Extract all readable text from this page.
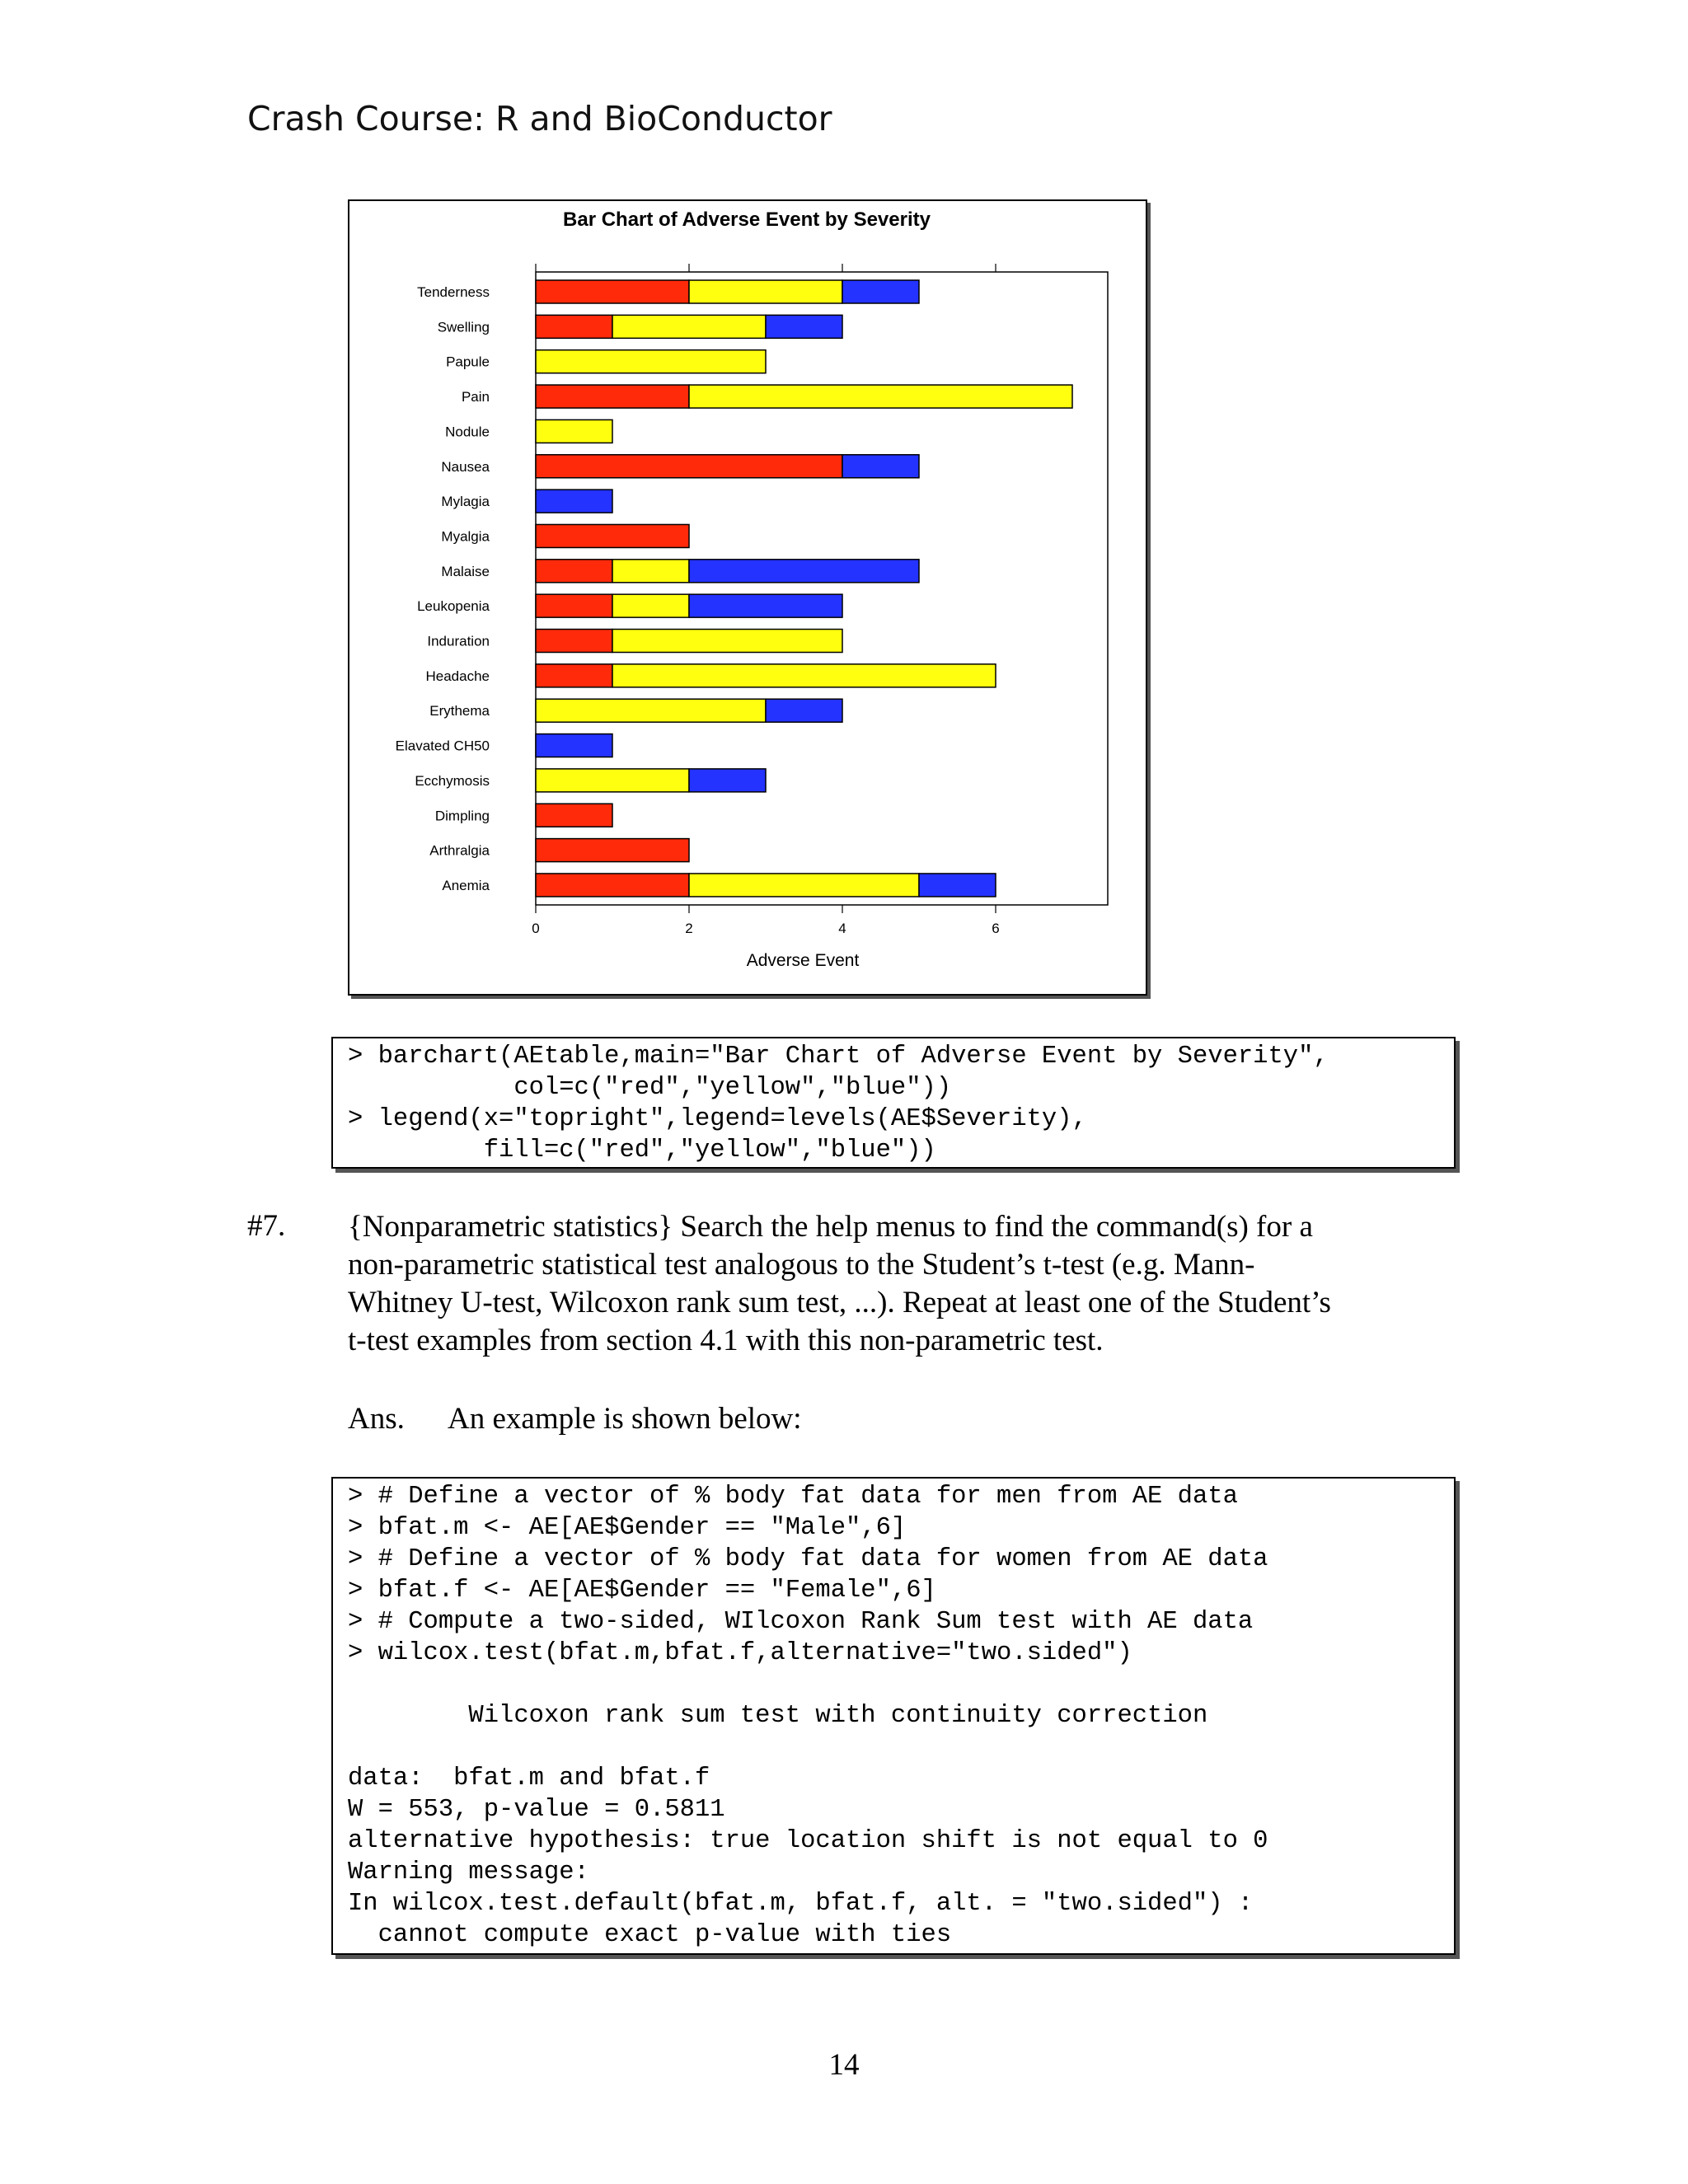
Crash Course: R and BioConductor
Bar Chart of Adverse Event by Severity
Tenderness
Swelling
Papule
Pain
Nodule
Nausea
Mylagia
Myalgia
Malaise
Leukopenia
Induration
Headache
Erythema
Elavated CH50
Ecchymosis
Dimpling
Arthralgia
Anemia
0	2	4	6
Adverse Event
> barchart(AEtable,main="Bar Chart of Adverse Event by Severity",
col=c("red","yellow","blue"))
> legend(x="topright",legend=levels(AE$Severity),
fill=c("red","yellow","blue"))
#7. {Nonparametric statistics} Search the help menus to find the command(s) for a
non-parametric statistical test analogous to the Student’s t-test (e.g. Mann-
Whitney U-test, Wilcoxon rank sum test, ...). Repeat at least one of the Student’s
t-test examples from section 4.1 with this non-parametric test.
Ans. An example is shown below:
> # Define a vector of % body fat data for men from AE data
> bfat.m <- AE[AE$Gender == "Male",6]
> # Define a vector of % body fat data for women from AE data
> bfat.f <- AE[AE$Gender == "Female",6]
> # Compute a two-sided, WIlcoxon Rank Sum test with AE data
> wilcox.test(bfat.m,bfat.f,alternative="two.sided")
Wilcoxon rank sum test with continuity correction
data:  bfat.m and bfat.f
W = 553, p-value = 0.5811
alternative hypothesis: true location shift is not equal to 0
Warning message:
In wilcox.test.default(bfat.m, bfat.f, alt. = "two.sided") :
cannot compute exact p-value with ties
14
